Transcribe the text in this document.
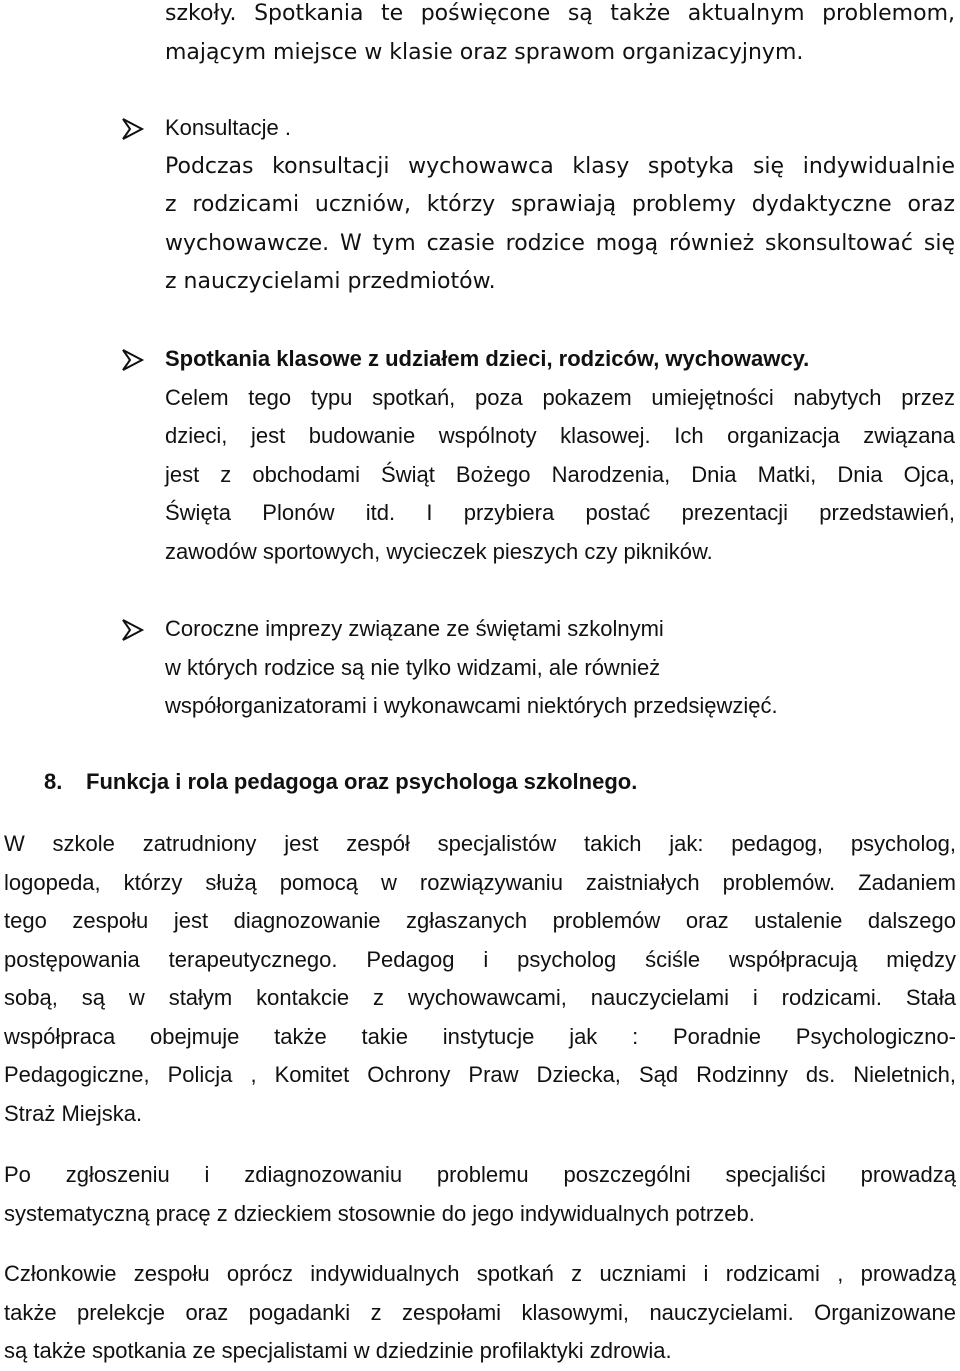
szkoły. Spotkania te poświęcone są także aktualnym problemom,

mającym miejsce w klasie oraz sprawom organizacyjnym.

Konsultacje .

Podczas konsultacji wychowawca klasy spotyka się indywidualnie

z rodzicami uczniów, którzy sprawiają problemy dydaktyczne oraz

wychowawcze. W tym czasie rodzice mogą również skonsultować się

z nauczycielami przedmiotów.

Spotkania klasowe z udziałem dzieci, rodziców, wychowawcy.

Celem tego typu spotkań, poza pokazem umiejętności nabytych przez

dzieci, jest budowanie wspólnoty klasowej. Ich organizacja związana

jest z obchodami Świąt Bożego Narodzenia, Dnia Matki, Dnia Ojca,

Święta Plonów itd. I przybiera postać prezentacji przedstawień,

zawodów sportowych, wycieczek pieszych czy pikników.

Coroczne imprezy związane ze świętami szkolnymi

w których rodzice są nie tylko widzami, ale również

współorganizatorami i wykonawcami niektórych przedsięwzięć.

8. Funkcja i rola pedagoga oraz psychologa szkolnego.

W szkole zatrudniony jest zespół specjalistów takich jak: pedagog, psycholog,

logopeda, którzy służą pomocą w rozwiązywaniu zaistniałych problemów. Zadaniem

tego zespołu jest diagnozowanie zgłaszanych problemów oraz ustalenie dalszego

postępowania terapeutycznego. Pedagog i psycholog ściśle współpracują między

sobą, są w stałym kontakcie z wychowawcami, nauczycielami i rodzicami. Stała

współpraca obejmuje także takie instytucje jak : Poradnie Psychologiczno-

Pedagogiczne, Policja , Komitet Ochrony Praw Dziecka, Sąd Rodzinny ds. Nieletnich,

Straż Miejska.

Po zgłoszeniu i zdiagnozowaniu problemu poszczególni specjaliści prowadzą

systematyczną pracę z dzieckiem stosownie do jego indywidualnych potrzeb.

Członkowie zespołu oprócz indywidualnych spotkań z uczniami i rodzicami , prowadzą

także prelekcje oraz pogadanki z zespołami klasowymi, nauczycielami. Organizowane

są także spotkania ze specjalistami w dziedzinie profilaktyki zdrowia.
